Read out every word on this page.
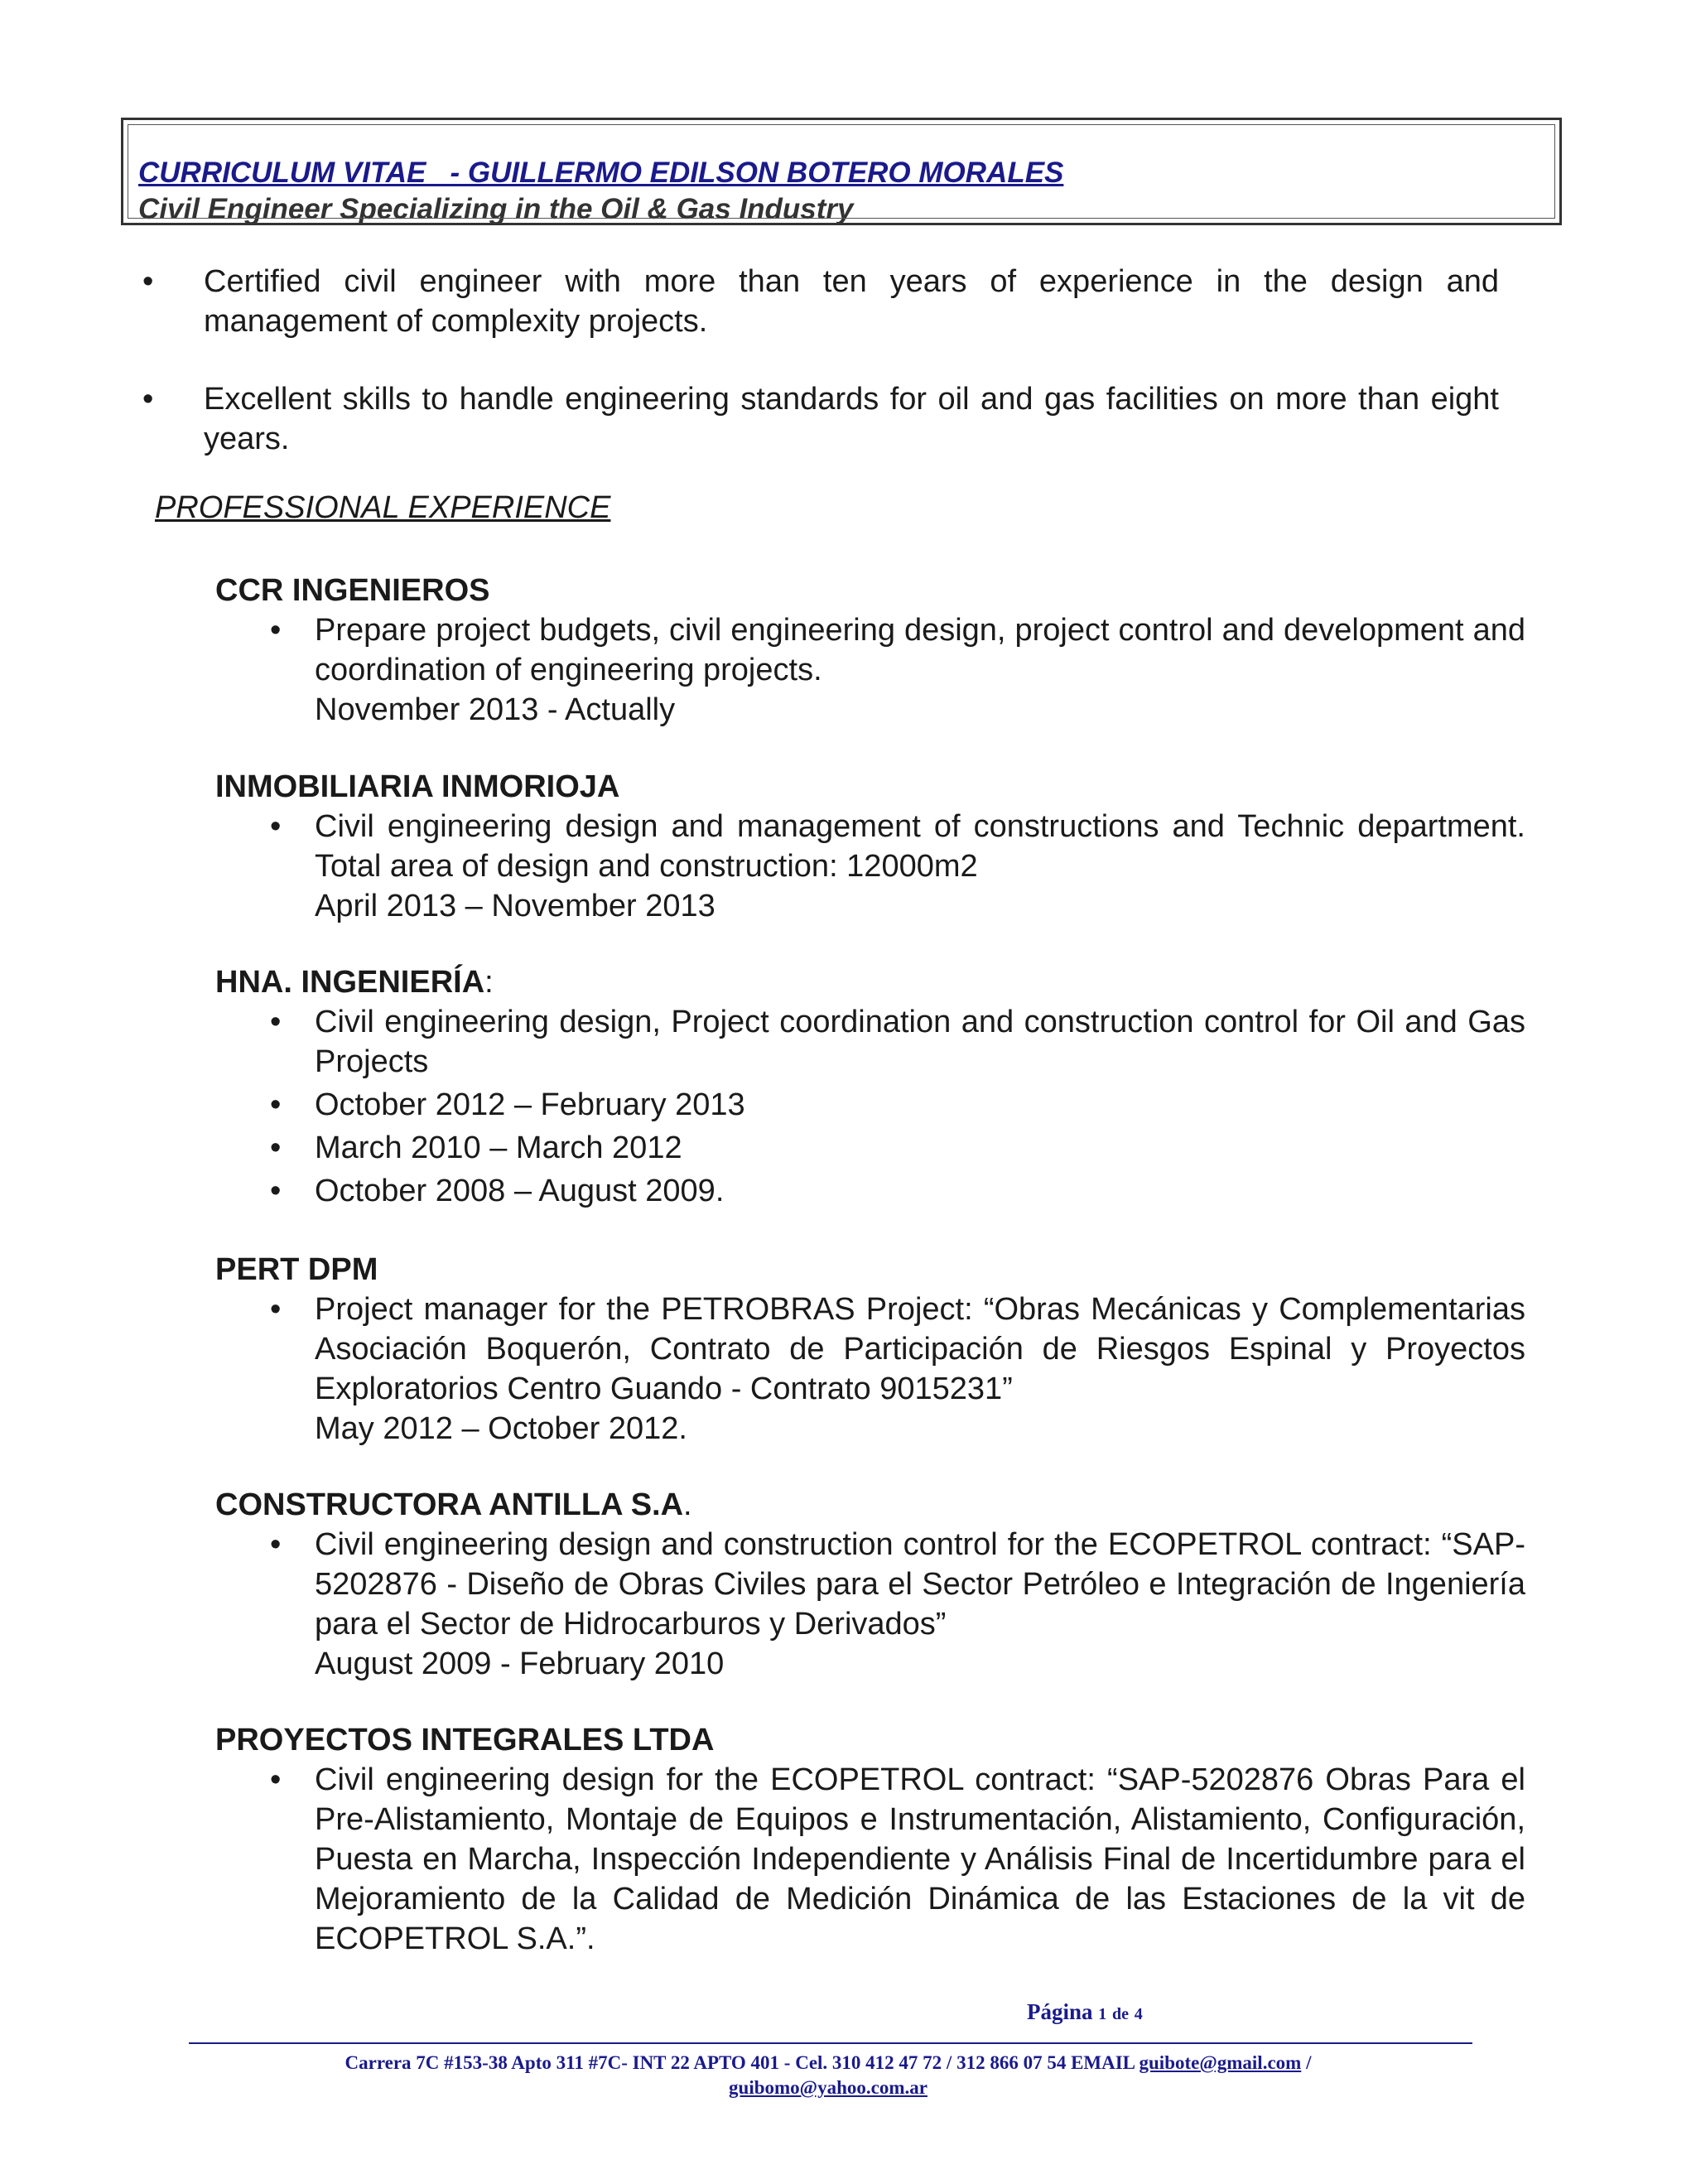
CURRICULUM VITAE   - GUILLERMO EDILSON BOTERO MORALES

Civil Engineer Specializing in the Oil & Gas Industry

•	Certified civil engineer with more than ten years of experience in the design and management of complexity projects.
•	Excellent skills to handle engineering standards for oil and gas facilities on more than eight years.
PROFESSIONAL EXPERIENCE

CCR INGENIEROS

• Prepare project budgets, civil engineering design, project control and development and coordination of engineering projects.
November 2013 - Actually

INMOBILIARIA INMORIOJA

• Civil engineering design and management of constructions and Technic department. Total area of design and construction: 12000m2
April 2013 – November 2013

HNA. INGENIERÍA:

• Civil engineering design, Project coordination and construction control for Oil and Gas Projects
• October 2012 – February 2013
• March 2010 – March 2012
• October 2008 – August 2009.

PERT DPM

• Project manager for the PETROBRAS Project: “Obras Mecánicas y Complementarias Asociación Boquerón, Contrato de Participación de Riesgos Espinal y Proyectos Exploratorios Centro Guando - Contrato 9015231”
May 2012 – October 2012.

CONSTRUCTORA ANTILLA S.A.

• Civil engineering design and construction control for the ECOPETROL contract: “SAP-5202876 - Diseño de Obras Civiles para el Sector Petróleo e Integración de Ingeniería para el Sector de Hidrocarburos y Derivados”
August 2009 - February 2010

PROYECTOS INTEGRALES LTDA

• Civil engineering design for the ECOPETROL contract: “SAP-5202876 Obras Para el Pre-Alistamiento, Montaje de Equipos e Instrumentación, Alistamiento, Configuración, Puesta en Marcha, Inspección Independiente y Análisis Final de Incertidumbre para el Mejoramiento de la Calidad de Medición Dinámica de las Estaciones de la vit de ECOPETROL S.A.”.

Página 1 de 4

Carrera 7C #153-38 Apto 311 #7C- INT 22 APTO 401 - Cel. 310 412 47 72 / 312 866 07 54 EMAIL guibote@gmail.com /
guibomo@yahoo.com.ar
